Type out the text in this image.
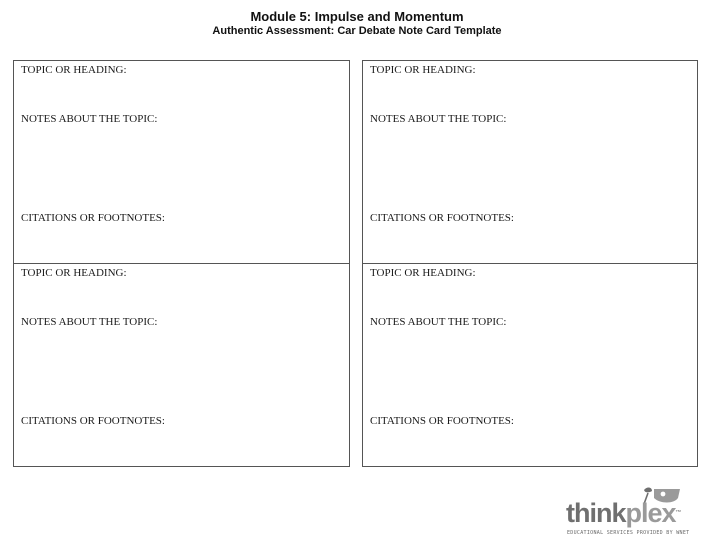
Module 5: Impulse and Momentum
Authentic Assessment: Car Debate Note Card Template
TOPIC OR HEADING:
NOTES ABOUT THE TOPIC:
CITATIONS OR FOOTNOTES:
TOPIC OR HEADING:
NOTES ABOUT THE TOPIC:
CITATIONS OR FOOTNOTES:
TOPIC OR HEADING:
NOTES ABOUT THE TOPIC:
CITATIONS OR FOOTNOTES:
TOPIC OR HEADING:
NOTES ABOUT THE TOPIC:
CITATIONS OR FOOTNOTES:
thinkplex™
EDUCATIONAL SERVICES PROVIDED BY WNET
